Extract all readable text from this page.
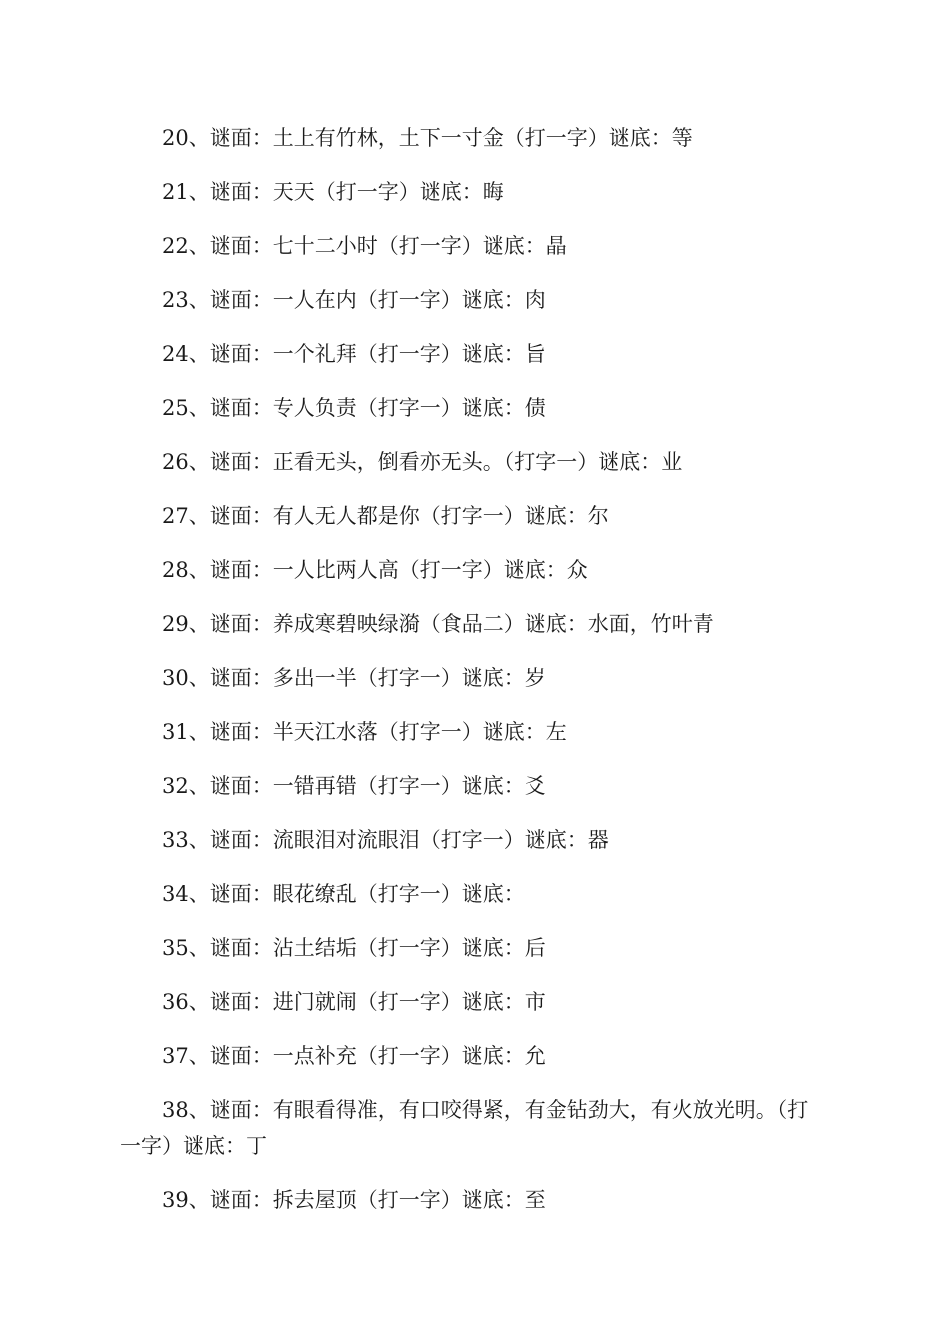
20、谜面：土上有竹林，土下一寸金（打一字）谜底：等

21、谜面：天天（打一字）谜底：晦

22、谜面：七十二小时（打一字）谜底：晶

23、谜面：一人在内（打一字）谜底：肉

24、谜面：一个礼拜（打一字）谜底：旨

25、谜面：专人负责（打字一）谜底：债

26、谜面：正看无头，倒看亦无头。（打字一）谜底：业

27、谜面：有人无人都是你（打字一）谜底：尔

28、谜面：一人比两人高（打一字）谜底：众

29、谜面：养成寒碧映绿漪（食品二）谜底：水面，竹叶青

30、谜面：多出一半（打字一）谜底：岁

31、谜面：半天江水落（打字一）谜底：左

32、谜面：一错再错（打字一）谜底：爻

33、谜面：流眼泪对流眼泪（打字一）谜底：器

34、谜面：眼花缭乱（打字一）谜底：

35、谜面：沾土结垢（打一字）谜底：后

36、谜面：进门就闹（打一字）谜底：市

37、谜面：一点补充（打一字）谜底：允

38、谜面：有眼看得准，有口咬得紧，有金钻劲大，有火放光明。（打一字）谜底：丁

39、谜面：拆去屋顶（打一字）谜底：至
